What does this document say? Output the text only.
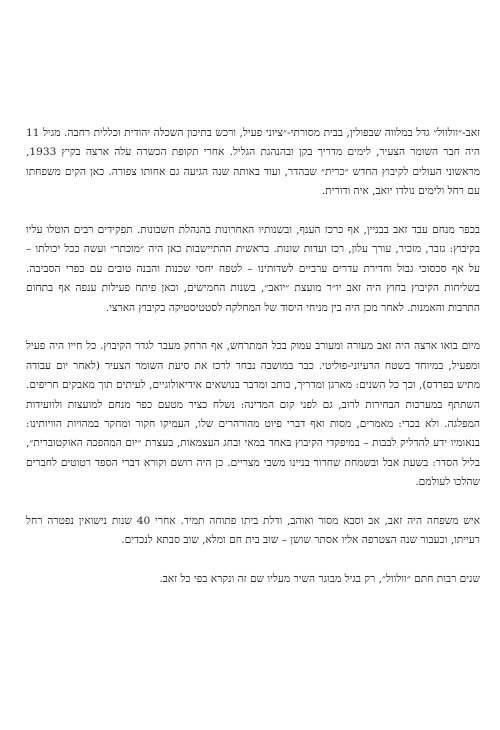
זאב-״וולוול״ גדל במלווה שבפולין, בבית מסורתי-״ציוני פעיל, ורכש בתיכון השכלה יהודית וכללית רחבה. מגיל 11 היה חבר השומר הצעיר, לימים מדריך בקן ובהנהגת הגליל. אחרי תקופת הכשרה עלה ארצה בקיץ 1933, מראשוני העולים לקיבוץ החדש ״כרית״ שבהדר, ועוד באותה שנה הגיעה גם אחותו צפורה. כאן הקים משפחתו עם רחל ולימים נולדו יואב, איה ודורית.

בכפר מנחם עבד זאב בבניין, אף כרכז הענף, ובשנותיו האחרונות בהנהלת חשבונות. תפקידים רבים הוטלו עליו בקיבוץ: גזבר, מזכיר, עורך עלון, רכז ועדות שונות. בראשית ההתיישבות כאן היה ״מוכתר״ ועשה ככל יכולתו – על אף סכסוכי גבול וחדירת עדרים ערביים לשדותינו – לטפח יחסי שכנות והבנה טובים עם כפרי הסביבה. בשליחות הקיבוץ בחוץ היה זאב יו״ר מועצת ״יואב״, בשנות החמישים, וכאן פיתח פעילות ענפה אף בתחום התרבות והאמנות. לאחר מכן היה בין מניחי היסוד של המחלקה לסטטיסטיקה בקיבוץ הארצי.

מיום בואו ארצה היה זאב מעורה ומעורב עמוק בכל המתרחש, אף הרחק מעבר לגדר הקיבוץ. כל חייו היה פעיל ומפעיל, במיוחד בשטח הרעיוני-פוליטי. כבר במושבה נבחר לרכז את סיעת השומר הצעיר (לאחר יום עבודה מתיש בפרדס), וכך כל השנים: מארגן ומדריך, כותב ומדבר בנושאים אידיאולוגיים, לעיתים תוך מאבקים חריפים. השתתף במערכות הבחירות לרוב, גם לפני קום המדינה: נשלח כציר מטעם כפר מנחם למועצות ולוועידות המפלגה. ולא בכדי: מאמרים, מסות ואף דברי פיוט מהורהרים שלו, העמיקו חקור ומחקר במהויות הוויותינו: בנאומיו ידע להדליק לבבות – במיפקדי הקיבוץ באחד במאי ובחג העצמאות, בעצרת ״יום המהפכה האוקטוברית״, בליל הסדר: בשעת אבל ובשמחת שחרור בניינו משבי מצריים. כן היה רושם וקורא דברי הספד רטוטים לחברים שהלכו לעולמם.

איש משפחה היה זאב, אב וסבא מסור ואוהב, ודלת ביתו פתוחה תמיד. אחרי 40 שנות נישואין נפטרה רחל רעייתו, וכעבור שנה הצטרפה אליו אסתר שושן – שוב בית חם ומלא, שוב סבתא לנכדים.

שנים רבות חתם ״וולוול״, רק בגיל מבוגר השיר מעליו שם זה ונקרא בפי כל זאב.
